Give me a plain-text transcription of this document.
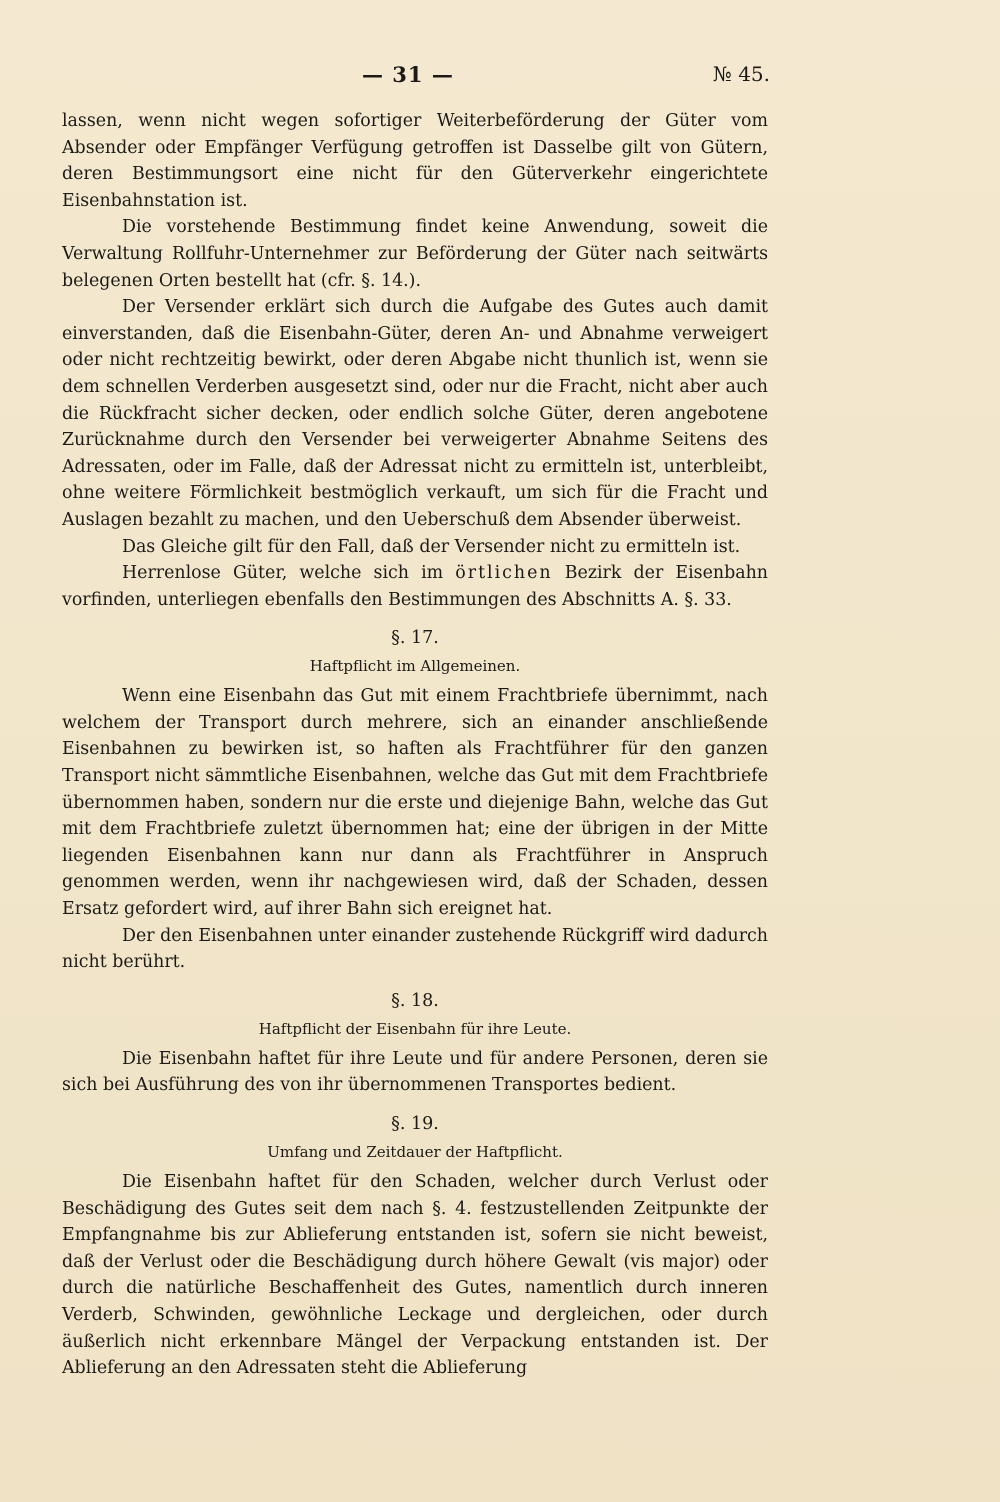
— 31 —	№ 45.

lassen, wenn nicht wegen sofortiger Weiterbeförderung der Güter vom Absender oder Empfänger Verfügung getroffen ist Dasselbe gilt von Gütern, deren Bestimmungsort eine nicht für den Güterverkehr eingerichtete Eisenbahnstation ist.

Die vorstehende Bestimmung findet keine Anwendung, soweit die Verwaltung Rollfuhr-Unternehmer zur Beförderung der Güter nach seitwärts belegenen Orten bestellt hat (cfr. §. 14.).

Der Versender erklärt sich durch die Aufgabe des Gutes auch damit einverstanden, daß die Eisenbahn-Güter, deren An- und Abnahme verweigert oder nicht rechtzeitig bewirkt, oder deren Abgabe nicht thunlich ist, wenn sie dem schnellen Verderben ausgesetzt sind, oder nur die Fracht, nicht aber auch die Rückfracht sicher decken, oder endlich solche Güter, deren angebotene Zurücknahme durch den Versender bei verweigerter Abnahme Seitens des Adressaten, oder im Falle, daß der Adressat nicht zu ermitteln ist, unterbleibt, ohne weitere Förmlichkeit bestmöglich verkauft, um sich für die Fracht und Auslagen bezahlt zu machen, und den Ueberschuß dem Absender überweist.

Das Gleiche gilt für den Fall, daß der Versender nicht zu ermitteln ist.

Herrenlose Güter, welche sich im örtlichen Bezirk der Eisenbahn vorfinden, unterliegen ebenfalls den Bestimmungen des Abschnitts A. §. 33.

§. 17.
Haftpflicht im Allgemeinen.

Wenn eine Eisenbahn das Gut mit einem Frachtbriefe übernimmt, nach welchem der Transport durch mehrere, sich an einander anschließende Eisenbahnen zu bewirken ist, so haften als Frachtführer für den ganzen Transport nicht sämmtliche Eisenbahnen, welche das Gut mit dem Frachtbriefe übernommen haben, sondern nur die erste und diejenige Bahn, welche das Gut mit dem Frachtbriefe zuletzt übernommen hat; eine der übrigen in der Mitte liegenden Eisenbahnen kann nur dann als Frachtführer in Anspruch genommen werden, wenn ihr nachgewiesen wird, daß der Schaden, dessen Ersatz gefordert wird, auf ihrer Bahn sich ereignet hat.

Der den Eisenbahnen unter einander zustehende Rückgriff wird dadurch nicht berührt.

§. 18.
Haftpflicht der Eisenbahn für ihre Leute.

Die Eisenbahn haftet für ihre Leute und für andere Personen, deren sie sich bei Ausführung des von ihr übernommenen Transportes bedient.

§. 19.
Umfang und Zeitdauer der Haftpflicht.

Die Eisenbahn haftet für den Schaden, welcher durch Verlust oder Beschädigung des Gutes seit dem nach §. 4. festzustellenden Zeitpunkte der Empfangnahme bis zur Ablieferung entstanden ist, sofern sie nicht beweist, daß der Verlust oder die Beschädigung durch höhere Gewalt (vis major) oder durch die natürliche Beschaffenheit des Gutes, namentlich durch inneren Verderb, Schwinden, gewöhnliche Leckage und dergleichen, oder durch äußerlich nicht erkennbare Mängel der Verpackung entstanden ist. Der Ablieferung an den Adressaten steht die Ablieferung
